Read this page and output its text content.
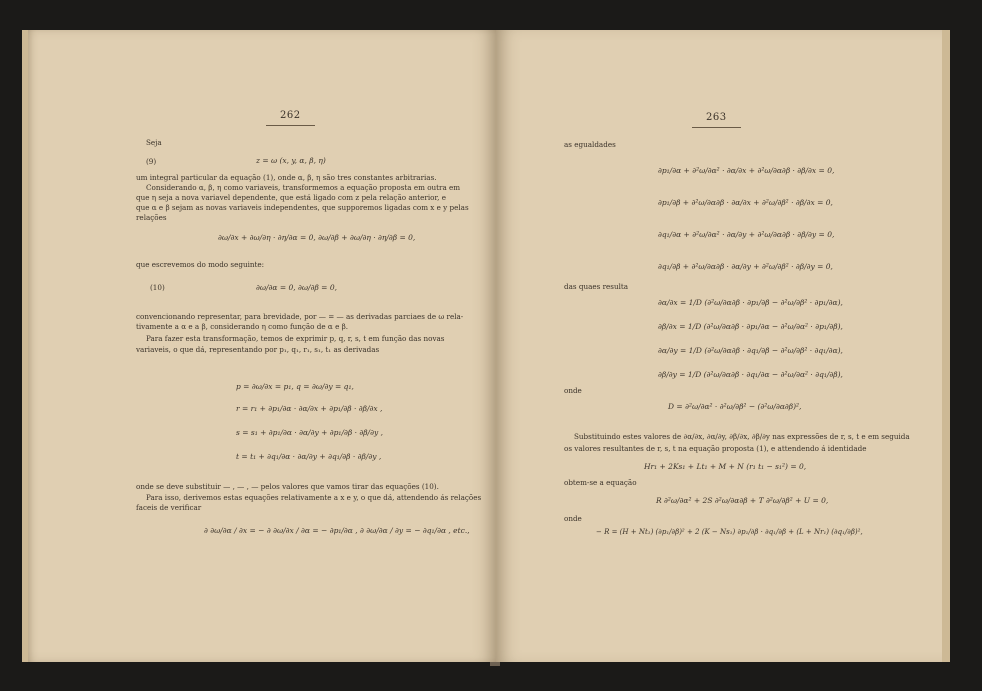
262
Seja
(9)	z = ω (x, y, α, β, η)
um integral particular da equação (1), onde α, β, η são tres constantes arbitrarias.
Considerando α, β, η como variaveis, transformemos a equação proposta em outra em
que η seja a nova variavel dependente, que está ligado com z pela relação anterior, e
que α e β sejam as novas variaveis independentes, que supporemos ligadas com x e y pelas
relações
∂ω/∂x + ∂ω/∂η · ∂η/∂α = 0, ∂ω/∂β + ∂ω/∂η · ∂η/∂β = 0,
que escrevemos do modo seguinte:
(10)	∂ω/∂α = 0, ∂ω/∂β = 0,
convencionando representar, para brevidade, por — = — as derivadas parciaes de ω rela-
tivamente a α e a β, considerando η como função de α e β.
Para fazer esta transformação, temos de exprimir p, q, r, s, t em função das novas
variaveis, o que dá, representando por p₁, q₁, r₁, s₁, t₁ as derivadas
p = ∂ω/∂x = p₁, q = ∂ω/∂y = q₁,
r = r₁ + ∂p₁/∂α · ∂α/∂x + ∂p₁/∂β · ∂β/∂x ,
s = s₁ + ∂p₁/∂α · ∂α/∂y + ∂p₁/∂β · ∂β/∂y ,
t = t₁ + ∂q₁/∂α · ∂α/∂y + ∂q₁/∂β · ∂β/∂y ,
onde se deve substituir — , — , — pelos valores que vamos tirar das equações (10).
Para isso, derivemos estas equações relativamente a x e y, o que dá, attendendo ás relações
faceis de verificar
∂ ∂ω/∂α / ∂x = − ∂ ∂ω/∂x / ∂α = − ∂p₁/∂α , ∂ ∂ω/∂α / ∂y = − ∂q₁/∂α , etc.,
263
as egualdades
∂p₁/∂α + ∂²ω/∂α² · ∂α/∂x + ∂²ω/∂α∂β · ∂β/∂x = 0,
∂p₁/∂β + ∂²ω/∂α∂β · ∂α/∂x + ∂²ω/∂β² · ∂β/∂x = 0,
∂q₁/∂α + ∂²ω/∂α² · ∂α/∂y + ∂²ω/∂α∂β · ∂β/∂y = 0,
∂q₁/∂β + ∂²ω/∂α∂β · ∂α/∂y + ∂²ω/∂β² · ∂β/∂y = 0,
das quaes resulta
∂α/∂x = 1/D (∂²ω/∂α∂β · ∂p₁/∂β − ∂²ω/∂β² · ∂p₁/∂α),
∂β/∂x = 1/D (∂²ω/∂α∂β · ∂p₁/∂α − ∂²ω/∂α² · ∂p₁/∂β),
∂α/∂y = 1/D (∂²ω/∂α∂β · ∂q₁/∂β − ∂²ω/∂β² · ∂q₁/∂α),
∂β/∂y = 1/D (∂²ω/∂α∂β · ∂q₁/∂α − ∂²ω/∂α² · ∂q₁/∂β),
onde
D = ∂²ω/∂α² · ∂²ω/∂β² − (∂²ω/∂α∂β)²,
Substituindo estes valores de ∂α/∂x, ∂α/∂y, ∂β/∂x, ∂β/∂y nas expressões de r, s, t e em seguida
os valores resultantes de r, s, t na equação proposta (1), e attendendo á identidade
Hr₁ + 2Ks₁ + Lt₁ + M + N (r₁ t₁ − s₁²) = 0,
obtem-se a equação
R ∂²ω/∂α² + 2S ∂²ω/∂α∂β + T ∂²ω/∂β² + U = 0,
onde
− R = (H + Nt₁) (∂p₁/∂β)² + 2 (K − Ns₁) ∂p₁/∂β · ∂q₁/∂β + (L + Nr₁) (∂q₁/∂β)²,
